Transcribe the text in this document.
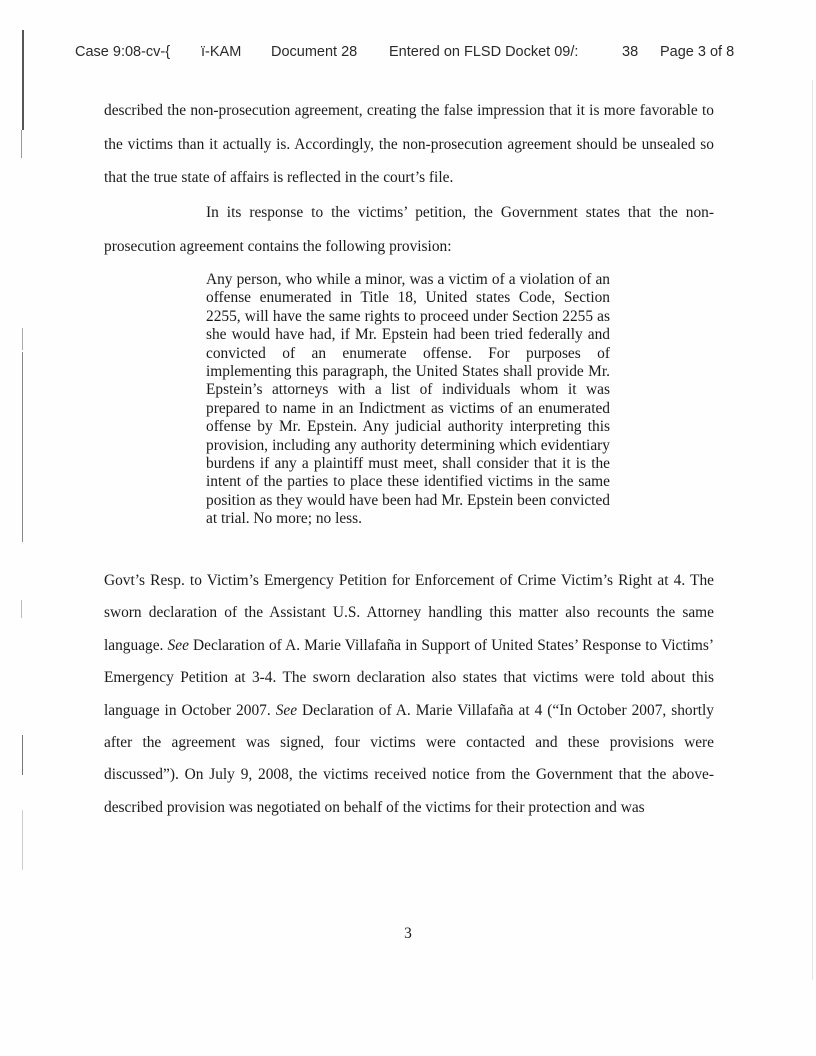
Case 9:08-cv-{ ї-KAM Document 28 Entered on FLSD Docket 09/:	38 Page 3 of 8
described the non-prosecution agreement, creating the false impression that it is more favorable to the victims than it actually is. Accordingly, the non-prosecution agreement should be unsealed so that the true state of affairs is reflected in the court’s file.
In its response to the victims’ petition, the Government states that the non-prosecution agreement contains the following provision:
Any person, who while a minor, was a victim of a violation of an offense enumerated in Title 18, United states Code, Section 2255, will have the same rights to proceed under Section 2255 as she would have had, if Mr. Epstein had been tried federally and convicted of an enumerate offense. For purposes of implementing this paragraph, the United States shall provide Mr. Epstein’s attorneys with a list of individuals whom it was prepared to name in an Indictment as victims of an enumerated offense by Mr. Epstein. Any judicial authority interpreting this provision, including any authority determining which evidentiary burdens if any a plaintiff must meet, shall consider that it is the intent of the parties to place these identified victims in the same position as they would have been had Mr. Epstein been convicted at trial. No more; no less.
Govt’s Resp. to Victim’s Emergency Petition for Enforcement of Crime Victim’s Right at 4. The sworn declaration of the Assistant U.S. Attorney handling this matter also recounts the same language. See Declaration of A. Marie Villafaña in Support of United States’ Response to Victims’ Emergency Petition at 3-4. The sworn declaration also states that victims were told about this language in October 2007. See Declaration of A. Marie Villafaña at 4 (“In October 2007, shortly after the agreement was signed, four victims were contacted and these provisions were discussed”). On July 9, 2008, the victims received notice from the Government that the above-described provision was negotiated on behalf of the victims for their protection and was
3
